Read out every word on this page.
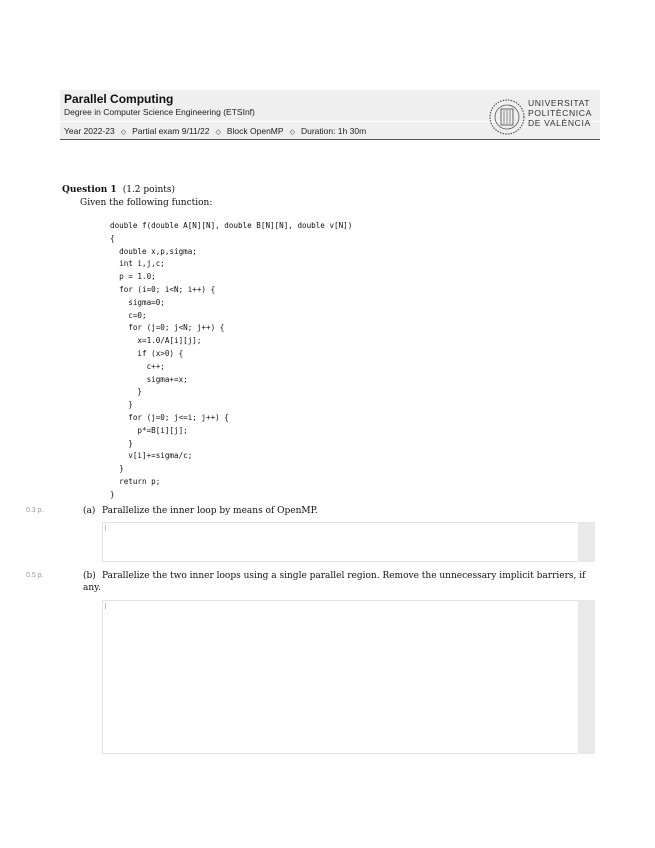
Parallel Computing
Degree in Computer Science Engineering (ETSInf)
Year 2022-23 ◇ Partial exam 9/11/22 ◇ Block OpenMP ◇ Duration: 1h 30m
UNIVERSITAT
POLITÈCNICA
DE VALÈNCIA
Question 1 (1.2 points)
Given the following function:
double f(double A[N][N], double B[N][N], double v[N])
{
double x,p,sigma;
int i,j,c;
p = 1.0;
for (i=0; i<N; i++) {
sigma=0;
c=0;
for (j=0; j<N; j++) {
x=1.0/A[i][j];
if (x>0) {
c++;
sigma+=x;
}
}
for (j=0; j<=i; j++) {
p*=B[i][j];
}
v[i]+=sigma/c;
}
return p;
}
0.3 p.	(a) Parallelize the inner loop by means of OpenMP.
0.5 p.	(b) Parallelize the two inner loops using a single parallel region. Remove the unnecessary implicit barriers, if any.
